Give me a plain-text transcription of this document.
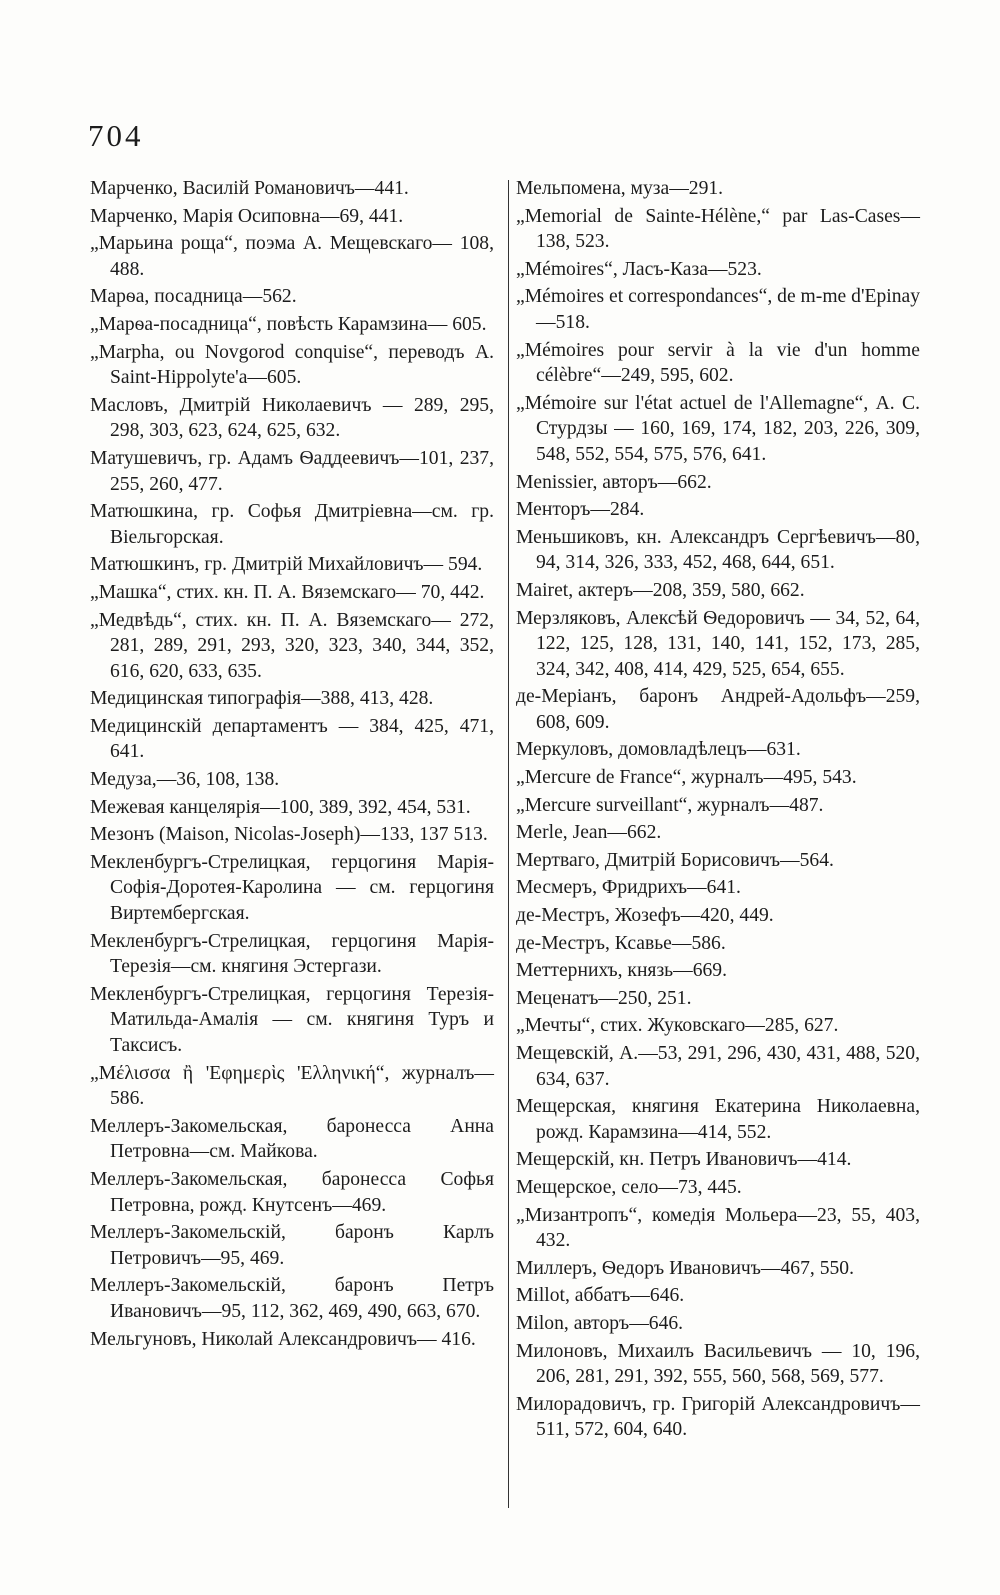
704

Марченко, Василій Романовичъ—441.

Марченко, Марія Осиповна—69, 441.

„Марьина роща“, поэма А. Мещевскаго— 108, 488.

Марѳа, посадница—562.

„Марѳа-посадница“, повѣсть Карамзина— 605.

„Marpha, ou Novgorod conquise“, переводъ А. Saint-Hippolyte'а—605.

Масловъ, Дмитрій Николаевичъ — 289, 295, 298, 303, 623, 624, 625, 632.

Матушевичъ, гр. Адамъ Ѳаддеевичъ—101, 237, 255, 260, 477.

Матюшкина, гр. Софья Дмитріевна—см. гр. Віельгорская.

Матюшкинъ, гр. Дмитрій Михайловичъ— 594.

„Машка“, стих. кн. П. А. Вяземскаго— 70, 442.

„Медвѣдь“, стих. кн. П. А. Вяземскаго— 272, 281, 289, 291, 293, 320, 323, 340, 344, 352, 616, 620, 633, 635.

Медицинская типографія—388, 413, 428.

Медицинскій департаментъ — 384, 425, 471, 641.

Медуза,—36, 108, 138.

Межевая канцелярія—100, 389, 392, 454, 531.

Мезонъ (Maison, Nicolas-Joseph)—133, 137 513.

Мекленбургъ-Стрелицкая, герцогиня Марія-Софія-Доротея-Каролина — см. герцогиня Виртембергская.

Мекленбургъ-Стрелицкая, герцогиня Марія-Терезія—см. княгиня Эстергази.

Мекленбургъ-Стрелицкая, герцогиня Терезія-Матильда-Амалія — см. княгиня Туръ и Таксисъ.

„Μέλισσα ἢ 'Εφημερὶς 'Ελληνική“, журналъ— 586.

Меллеръ-Закомельская, баронесса Анна Петровна—см. Майкова.

Меллеръ-Закомельская, баронесса Софья Петровна, рожд. Кнутсенъ—469.

Меллеръ-Закомельскій, баронъ Карлъ Петровичъ—95, 469.

Меллеръ-Закомельскій, баронъ Петръ Ивановичъ—95, 112, 362, 469, 490, 663, 670.

Мельгуновъ, Николай Александровичъ— 416.

Мельпомена, муза—291.

„Memorial de Sainte-Hélène,“ par Las-Cases—138, 523.

„Mémoires“, Ласъ-Каза—523.

„Mémoires et correspondances“, de m-me d'Epinay—518.

„Mémoires pour servir à la vie d'un homme célèbre“—249, 595, 602.

„Mémoire sur l'état actuel de l'Allemagne“, А. С. Стурдзы — 160, 169, 174, 182, 203, 226, 309, 548, 552, 554, 575, 576, 641.

Menissier, авторъ—662.

Менторъ—284.

Меньшиковъ, кн. Александръ Сергѣевичъ—80, 94, 314, 326, 333, 452, 468, 644, 651.

Mairet, актеръ—208, 359, 580, 662.

Мерзляковъ, Алексѣй Ѳедоровичъ — 34, 52, 64, 122, 125, 128, 131, 140, 141, 152, 173, 285, 324, 342, 408, 414, 429, 525, 654, 655.

де-Меріанъ, баронъ Андрей-Адольфъ—259, 608, 609.

Меркуловъ, домовладѣлецъ—631.

„Mercure de France“, журналъ—495, 543.

„Mercure surveillant“, журналъ—487.

Merle, Jean—662.

Мертваго, Дмитрій Борисовичъ—564.

Месмеръ, Фридрихъ—641.

де-Местръ, Жозефъ—420, 449.

де-Местръ, Ксавье—586.

Меттернихъ, князь—669.

Меценатъ—250, 251.

„Мечты“, стих. Жуковскаго—285, 627.

Мещевскій, А.—53, 291, 296, 430, 431, 488, 520, 634, 637.

Мещерская, княгиня Екатерина Николаевна, рожд. Карамзина—414, 552.

Мещерскій, кн. Петръ Ивановичъ—414.

Мещерское, село—73, 445.

„Мизантропъ“, комедія Мольера—23, 55, 403, 432.

Миллеръ, Ѳедоръ Ивановичъ—467, 550.

Millot, аббатъ—646.

Milon, авторъ—646.

Милоновъ, Михаилъ Васильевичъ — 10, 196, 206, 281, 291, 392, 555, 560, 568, 569, 577.

Милорадовичъ, гр. Григорій Александровичъ—511, 572, 604, 640.
